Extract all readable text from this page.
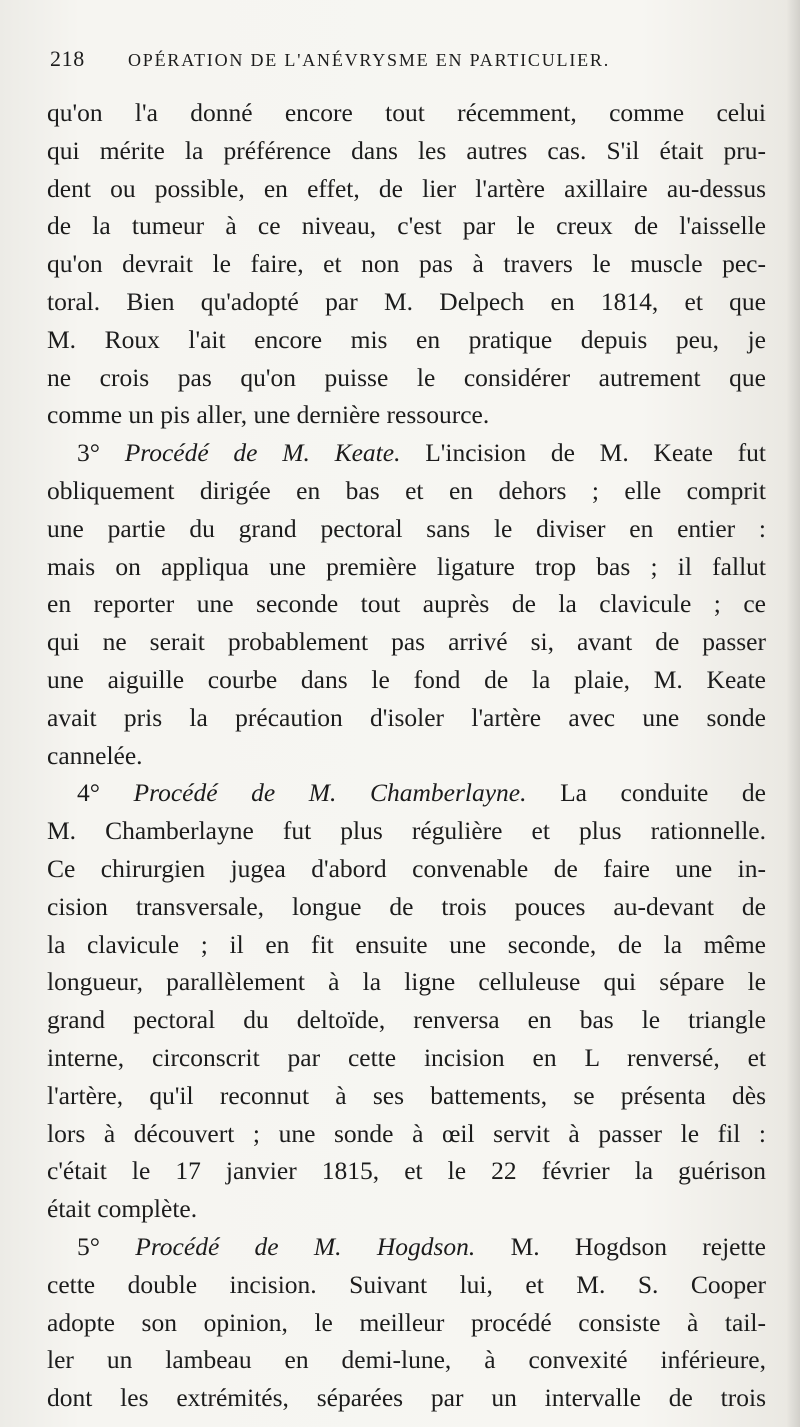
218 OPÉRATION DE L'ANÉVRYSME EN PARTICULIER.
qu'on l'a donné encore tout récemment, comme celui
qui mérite la préférence dans les autres cas. S'il était pru-
dent ou possible, en effet, de lier l'artère axillaire au-dessus
de la tumeur à ce niveau, c'est par le creux de l'aisselle
qu'on devrait le faire, et non pas à travers le muscle pec-
toral. Bien qu'adopté par M. Delpech en 1814, et que
M. Roux l'ait encore mis en pratique depuis peu, je
ne crois pas qu'on puisse le considérer autrement que
comme un pis aller, une dernière ressource.
3° Procédé de M. Keate. L'incision de M. Keate fut
obliquement dirigée en bas et en dehors ; elle comprit
une partie du grand pectoral sans le diviser en entier :
mais on appliqua une première ligature trop bas ; il fallut
en reporter une seconde tout auprès de la clavicule ; ce
qui ne serait probablement pas arrivé si, avant de passer
une aiguille courbe dans le fond de la plaie, M. Keate
avait pris la précaution d'isoler l'artère avec une sonde
cannelée.
4° Procédé de M. Chamberlayne. La conduite de
M. Chamberlayne fut plus régulière et plus rationnelle.
Ce chirurgien jugea d'abord convenable de faire une in-
cision transversale, longue de trois pouces au-devant de
la clavicule ; il en fit ensuite une seconde, de la même
longueur, parallèlement à la ligne celluleuse qui sépare le
grand pectoral du deltoïde, renversa en bas le triangle
interne, circonscrit par cette incision en L renversé, et
l'artère, qu'il reconnut à ses battements, se présenta dès
lors à découvert ; une sonde à œil servit à passer le fil :
c'était le 17 janvier 1815, et le 22 février la guérison
était complète.
5° Procédé de M. Hogdson. M. Hogdson rejette
cette double incision. Suivant lui, et M. S. Cooper
adopte son opinion, le meilleur procédé consiste à tail-
ler un lambeau en demi-lune, à convexité inférieure,
dont les extrémités, séparées par un intervalle de trois
